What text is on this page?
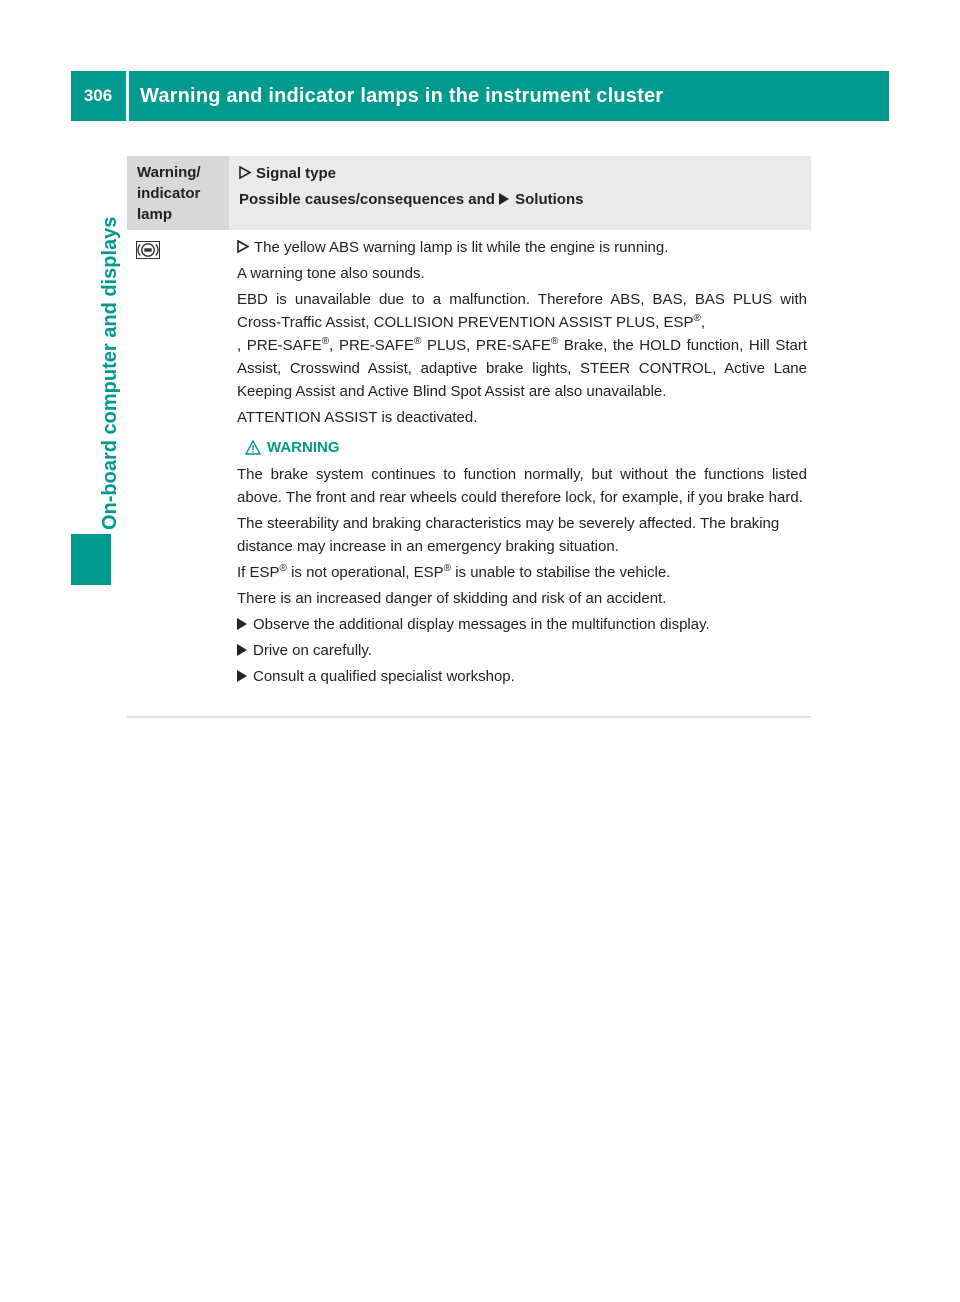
306	Warning and indicator lamps in the instrument cluster
On-board computer and displays
Warning/ indicator lamp
Signal type
Possible causes/consequences and Solutions

The yellow ABS warning lamp is lit while the engine is running.

A warning tone also sounds.

EBD is unavailable due to a malfunction. Therefore ABS, BAS, BAS PLUS with Cross-Traffic Assist, COLLISION PREVENTION ASSIST PLUS, ESP®,
, PRE-SAFE®, PRE-SAFE® PLUS, PRE-SAFE® Brake, the HOLD function, Hill Start Assist, Crosswind Assist, adaptive brake lights, STEER CONTROL, Active Lane Keeping Assist and Active Blind Spot Assist are also unavailable.

ATTENTION ASSIST is deactivated.

WARNING

The brake system continues to function normally, but without the functions listed above. The front and rear wheels could therefore lock, for example, if you brake hard.

The steerability and braking characteristics may be severely affected. The braking distance may increase in an emergency braking situation.

If ESP® is not operational, ESP® is unable to stabilise the vehicle.

There is an increased danger of skidding and risk of an accident.

Observe the additional display messages in the multifunction display.

Drive on carefully.

Consult a qualified specialist workshop.
